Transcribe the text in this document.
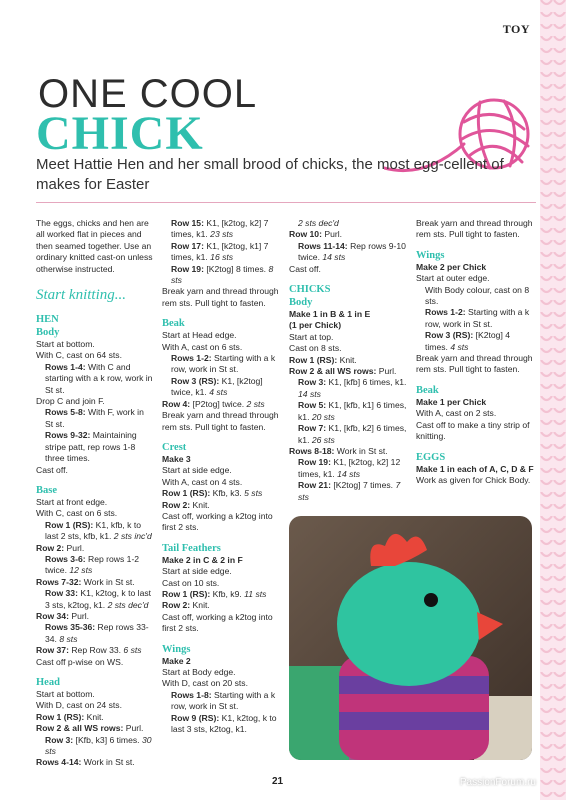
TOY
ONE COOL
CHICK
Meet Hattie Hen and her small brood of chicks, the most egg-cellent of makes for Easter

The eggs, chicks and hen are all worked flat in pieces and then seamed together. Use an ordinary knitted cast-on unless otherwise instructed.

Start knitting...

HEN

Body

Start at bottom.

With C, cast on 64 sts.

Rows 1-4: With C and starting with a k row, work in St st.

Drop C and join F.

Rows 5-8: With F, work in St st.

Rows 9-32: Maintaining stripe patt, rep rows 1-8 three times.

Cast off.

Base

Start at front edge.

With C, cast on 6 sts.

Row 1 (RS): K1, kfb, k to last 2 sts, kfb, k1. 2 sts inc'd

Row 2: Purl.

Rows 3-6: Rep rows 1-2 twice. 12 sts

Rows 7-32: Work in St st.

Row 33: K1, k2tog, k to last 3 sts, k2tog, k1. 2 sts dec'd

Row 34: Purl.

Rows 35-36: Rep rows 33-34. 8 sts

Row 37: Rep Row 33. 6 sts

Cast off p-wise on WS.

Head

Start at bottom.

With D, cast on 24 sts.

Row 1 (RS): Knit.

Row 2 & all WS rows: Purl.

Row 3: [Kfb, k3] 6 times. 30 sts

Rows 4-14: Work in St st.

Row 15: K1, [k2tog, k2] 7 times, k1. 23 sts

Row 17: K1, [k2tog, k1] 7 times, k1. 16 sts

Row 19: [K2tog] 8 times. 8 sts

Break yarn and thread through rem sts. Pull tight to fasten.

Beak

Start at Head edge.

With A, cast on 6 sts.

Rows 1-2: Starting with a k row, work in St st.

Row 3 (RS): K1, [k2tog] twice, k1. 4 sts

Row 4: [P2tog] twice. 2 sts

Break yarn and thread through rem sts. Pull tight to fasten.

Crest

Make 3

Start at side edge.

With A, cast on 4 sts.

Row 1 (RS): Kfb, k3. 5 sts

Row 2: Knit.

Cast off, working a k2tog into first 2 sts.

Tail Feathers

Make 2 in C & 2 in F

Start at side edge.

Cast on 10 sts.

Row 1 (RS): Kfb, k9. 11 sts

Row 2: Knit.

Cast off, working a k2tog into first 2 sts.

Wings

Make 2

Start at Body edge.

With D, cast on 20 sts.

Rows 1-8: Starting with a k row, work in St st.

Row 9 (RS): K1, k2tog, k to last 3 sts, k2tog, k1.

2 sts dec'd

Row 10: Purl.

Rows 11-14: Rep rows 9-10 twice. 14 sts

Cast off.

CHICKS

Body

Make 1 in B & 1 in E

(1 per Chick)

Start at top.

Cast on 8 sts.

Row 1 (RS): Knit.

Row 2 & all WS rows: Purl.

Row 3: K1, [kfb] 6 times, k1. 14 sts

Row 5: K1, [kfb, k1] 6 times, k1. 20 sts

Row 7: K1, [kfb, k2] 6 times, k1. 26 sts

Rows 8-18: Work in St st.

Row 19: K1, [k2tog, k2] 12 times, k1. 14 sts

Row 21: [K2tog] 7 times. 7 sts

Break yarn and thread through rem sts. Pull tight to fasten.

Wings

Make 2 per Chick

Start at outer edge.

With Body colour, cast on 8 sts.

Rows 1-2: Starting with a k row, work in St st.

Row 3 (RS): [K2tog] 4 times. 4 sts

Break yarn and thread through rem sts. Pull tight to fasten.

Beak

Make 1 per Chick

With A, cast on 2 sts.

Cast off to make a tiny strip of knitting.

EGGS

Make 1 in each of A, C, D & F

Work as given for Chick Body.

21	PassionForum.ru
